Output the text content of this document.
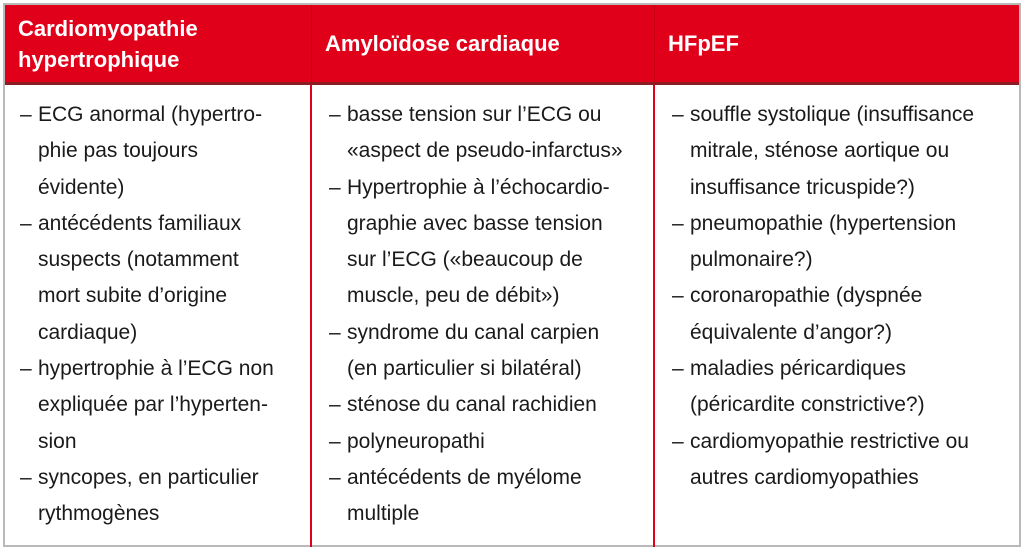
Cardiomyopathie
hypertrophique
Amyloïdose cardiaque	HFpEF
– ECG anormal (hypertro-
phie pas toujours
évidente)
– antécédents familiaux
suspects (notamment
mort subite d’origine
cardiaque)
– hypertrophie à l’ECG non
expliquée par l’hyperten-
sion
– syncopes, en particulier
rythmogènes
– basse tension sur l’ECG ou
«aspect de pseudo-infarctus»
– Hypertrophie à l’échocardio-
graphie avec basse tension
sur l’ECG («beaucoup de
muscle, peu de débit»)
– syndrome du canal carpien
(en particulier si bilatéral)
– sténose du canal rachidien
– polyneuropathi
– antécédents de myélome
multiple
– souffle systolique (insuffisance
mitrale, sténose aortique ou
insuffisance tricuspide?)
– pneumopathie (hypertension
pulmonaire?)
– coronaropathie (dyspnée
équivalente d’angor?)
– maladies péricardiques
(péricardite constrictive?)
– cardiomyopathie restrictive ou
autres cardiomyopathies
